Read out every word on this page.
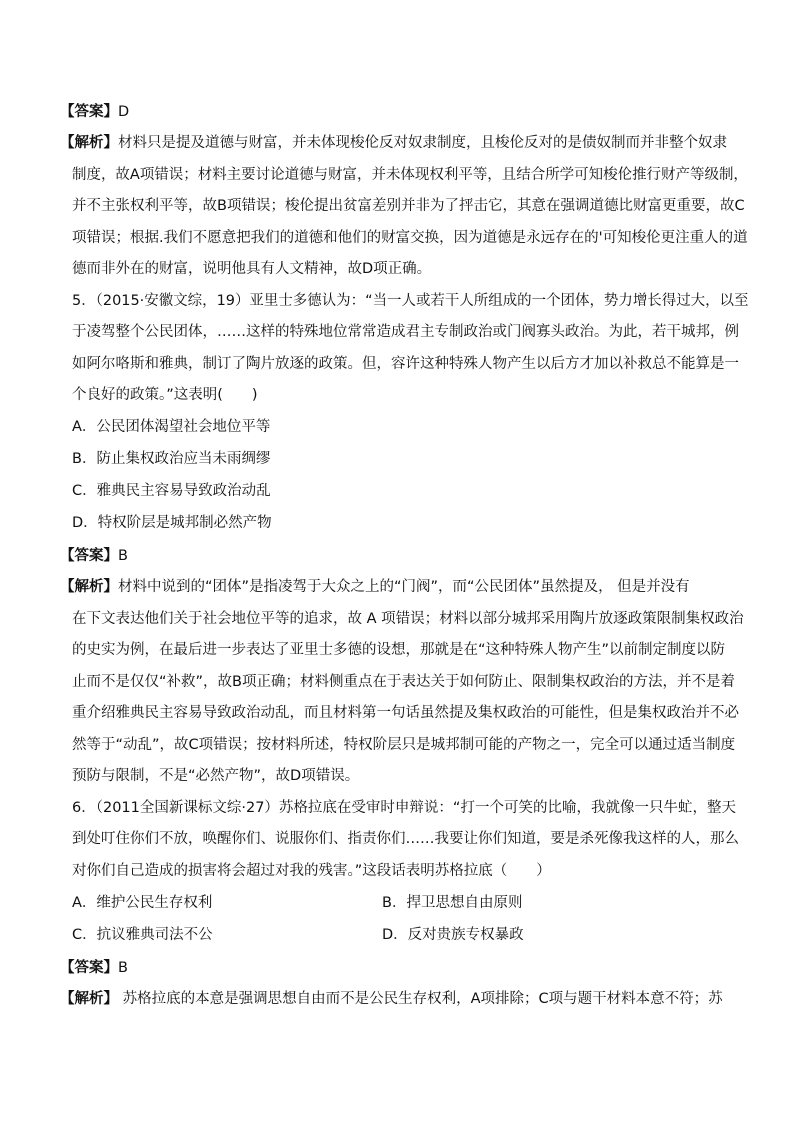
【答案】D
【解析】材料只是提及道德与财富，并未体现梭伦反对奴隶制度，且梭伦反对的是债奴制而并非整个奴隶
制度，故A项错误；材料主要讨论道德与财富，并未体现权利平等，且结合所学可知梭伦推行财产等级制，
并不主张权利平等，故B项错误；梭伦提出贫富差别并非为了抨击它，其意在强调道德比财富更重要，故C
项错误；根据.我们不愿意把我们的道德和他们的财富交换，因为道德是永远存在的'可知梭伦更注重人的道
德而非外在的财富，说明他具有人文精神，故D项正确。
5．（2015·安徽文综，19）亚里士多德认为：“当一人或若干人所组成的一个团体，势力增长得过大，以至
于凌驾整个公民团体，……这样的特殊地位常常造成君主专制政治或门阀寡头政治。为此，若干城邦，例
如阿尔咯斯和雅典，制订了陶片放逐的政策。但，容许这种特殊人物产生以后方才加以补救总不能算是一
个良好的政策。”这表明(　　)
A．公民团体渴望社会地位平等
B．防止集权政治应当未雨绸缪
C．雅典民主容易导致政治动乱
D．特权阶层是城邦制必然产物
【答案】B
【解析】材料中说到的“团体”是指凌驾于大众之上的“门阀”，而“公民团体”虽然提及， 但是并没有
在下文表达他们关于社会地位平等的追求，故 A 项错误；材料以部分城邦采用陶片放逐政策限制集权政治
的史实为例，在最后进一步表达了亚里士多德的设想，那就是在“这种特殊人物产生”以前制定制度以防
止而不是仅仅“补救”，故B项正确；材料侧重点在于表达关于如何防止、限制集权政治的方法，并不是着
重介绍雅典民主容易导致政治动乱，而且材料第一句话虽然提及集权政治的可能性，但是集权政治并不必
然等于“动乱”，故C项错误；按材料所述，特权阶层只是城邦制可能的产物之一，完全可以通过适当制度
预防与限制，不是“必然产物”，故D项错误。
6．（2011全国新课标文综·27）苏格拉底在受审时申辩说：“打一个可笑的比喻，我就像一只牛虻，整天
到处叮住你们不放，唤醒你们、说服你们、指责你们……我要让你们知道，要是杀死像我这样的人，那么
对你们自己造成的损害将会超过对我的残害。”这段话表明苏格拉底（　　）
A．维护公民生存权利	B．捍卫思想自由原则
C．抗议雅典司法不公	D．反对贵族专权暴政
【答案】B
【解析】 苏格拉底的本意是强调思想自由而不是公民生存权利，A项排除；C项与题干材料本意不符；苏
